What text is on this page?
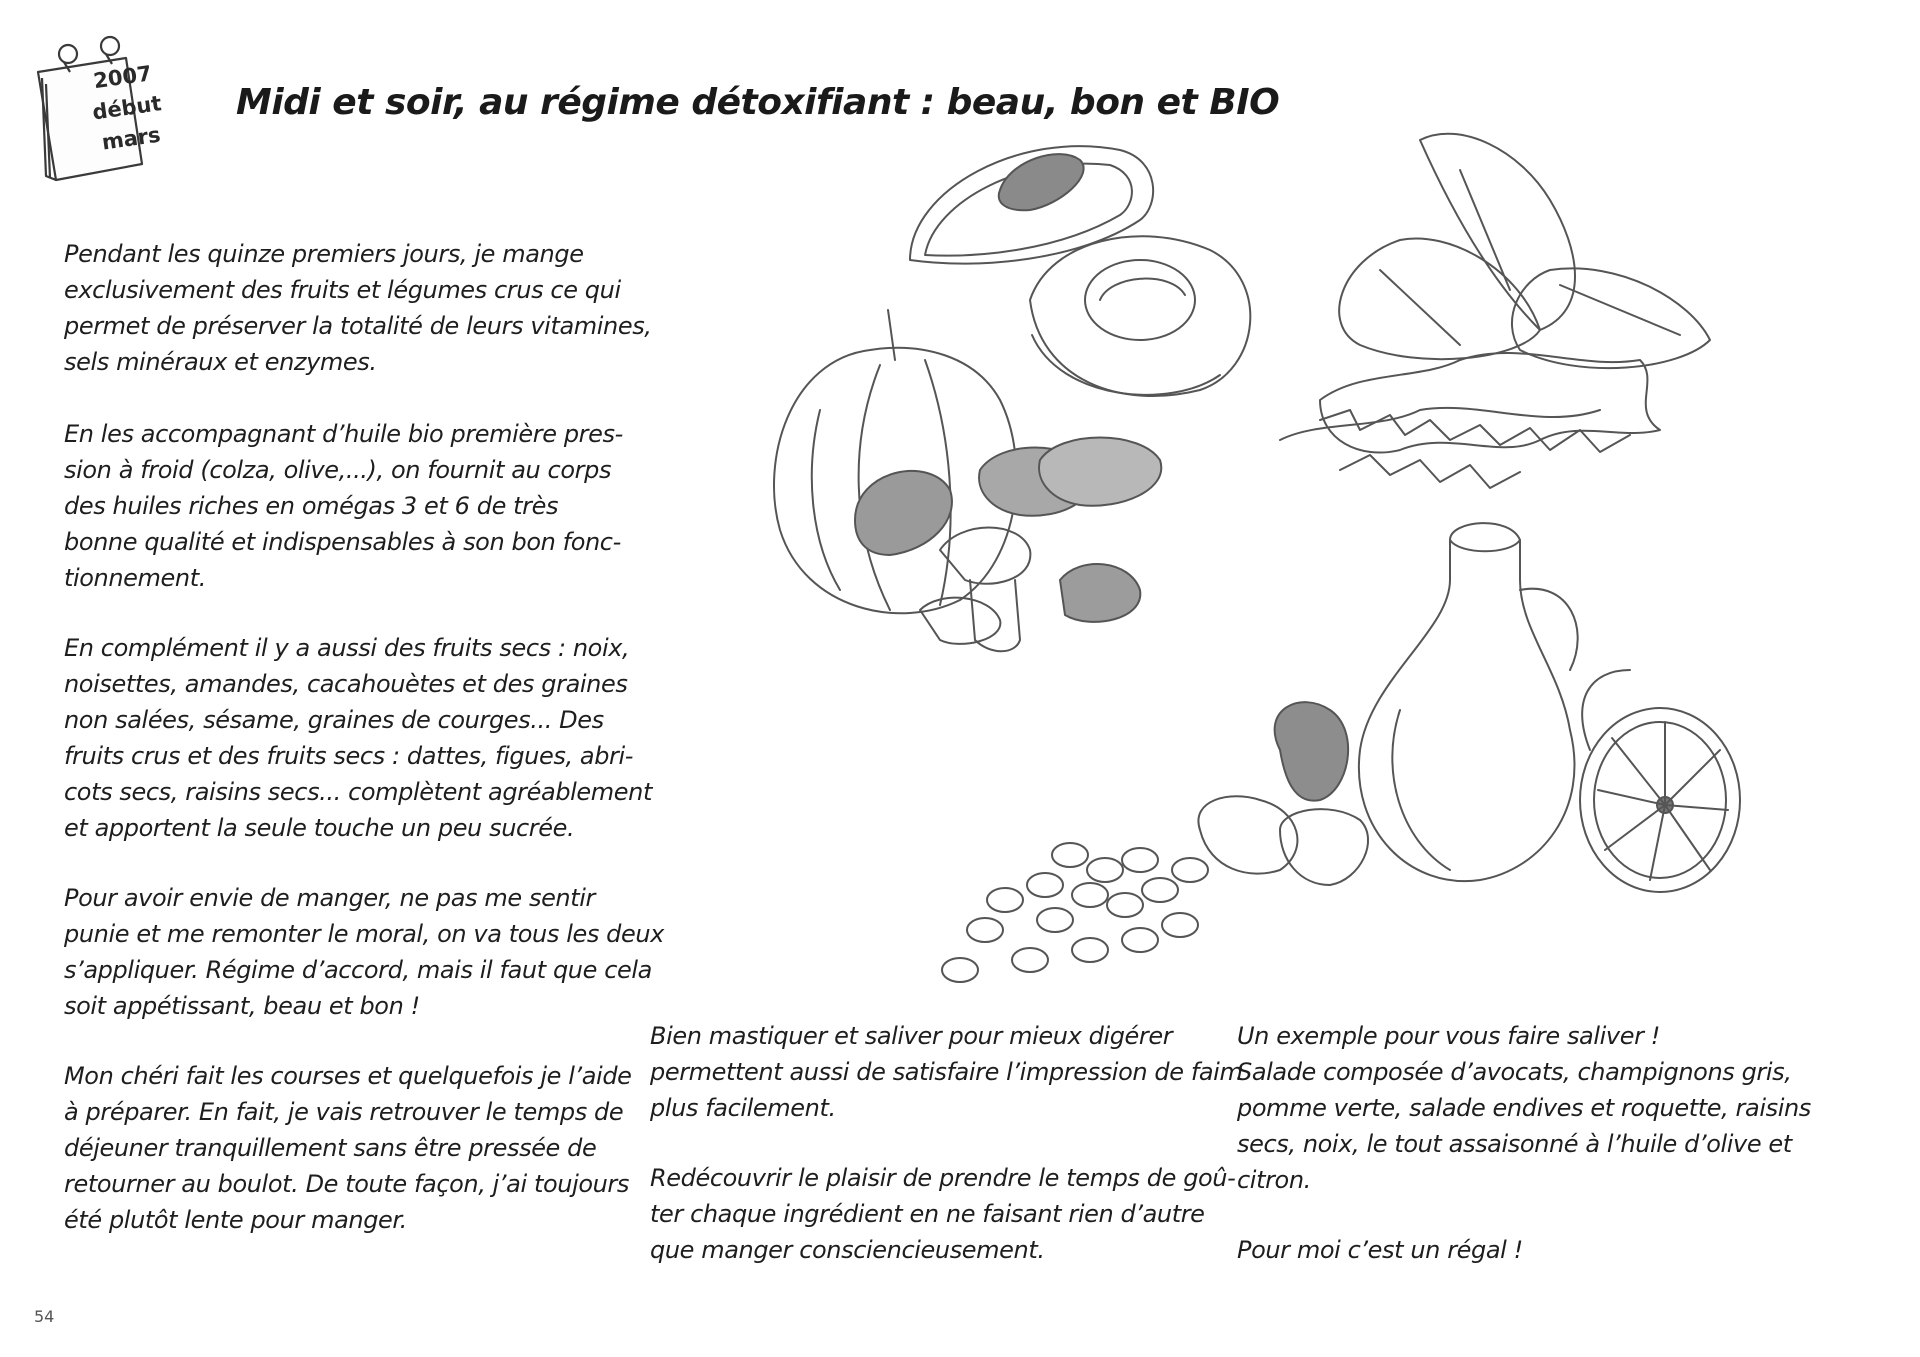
2007
début
mars
Midi et soir, au régime détoxifiant : beau, bon et BIO

Pendant les quinze premiers jours, je mange
exclusivement des fruits et légumes crus ce qui
permet de préserver la totalité de leurs vitamines,
sels minéraux et enzymes.

En les accompagnant d’huile bio première pres-
sion à froid (colza, olive,...), on fournit au corps
des huiles riches en omégas 3 et 6 de très
bonne qualité et indispensables à son bon fonc-
tionnement.

En complément il y a aussi des fruits secs : noix,
noisettes, amandes, cacahouètes et des graines
non salées, sésame, graines de courges... Des
fruits crus et des fruits secs : dattes, figues, abri-
cots secs, raisins secs... complètent agréablement
et apportent la seule touche un peu sucrée.

Pour avoir envie de manger, ne pas me sentir
punie et me remonter le moral, on va tous les deux
s’appliquer. Régime d’accord, mais il faut que cela
soit appétissant, beau et bon !

Mon chéri fait les courses et quelquefois je l’aide
à préparer. En fait, je vais retrouver le temps de
déjeuner tranquillement sans être pressée de
retourner au boulot. De toute façon, j’ai toujours
été plutôt lente pour manger.

Bien mastiquer et saliver pour mieux digérer
permettent aussi de satisfaire l’impression de faim
plus facilement.

Redécouvrir le plaisir de prendre le temps de goû-
ter chaque ingrédient en ne faisant rien d’autre
que manger consciencieusement.

Un exemple pour vous faire saliver !
Salade composée d’avocats, champignons gris,
pomme verte, salade endives et roquette, raisins
secs, noix, le tout assaisonné à l’huile d’olive et
citron.

Pour moi c’est un régal !

54
